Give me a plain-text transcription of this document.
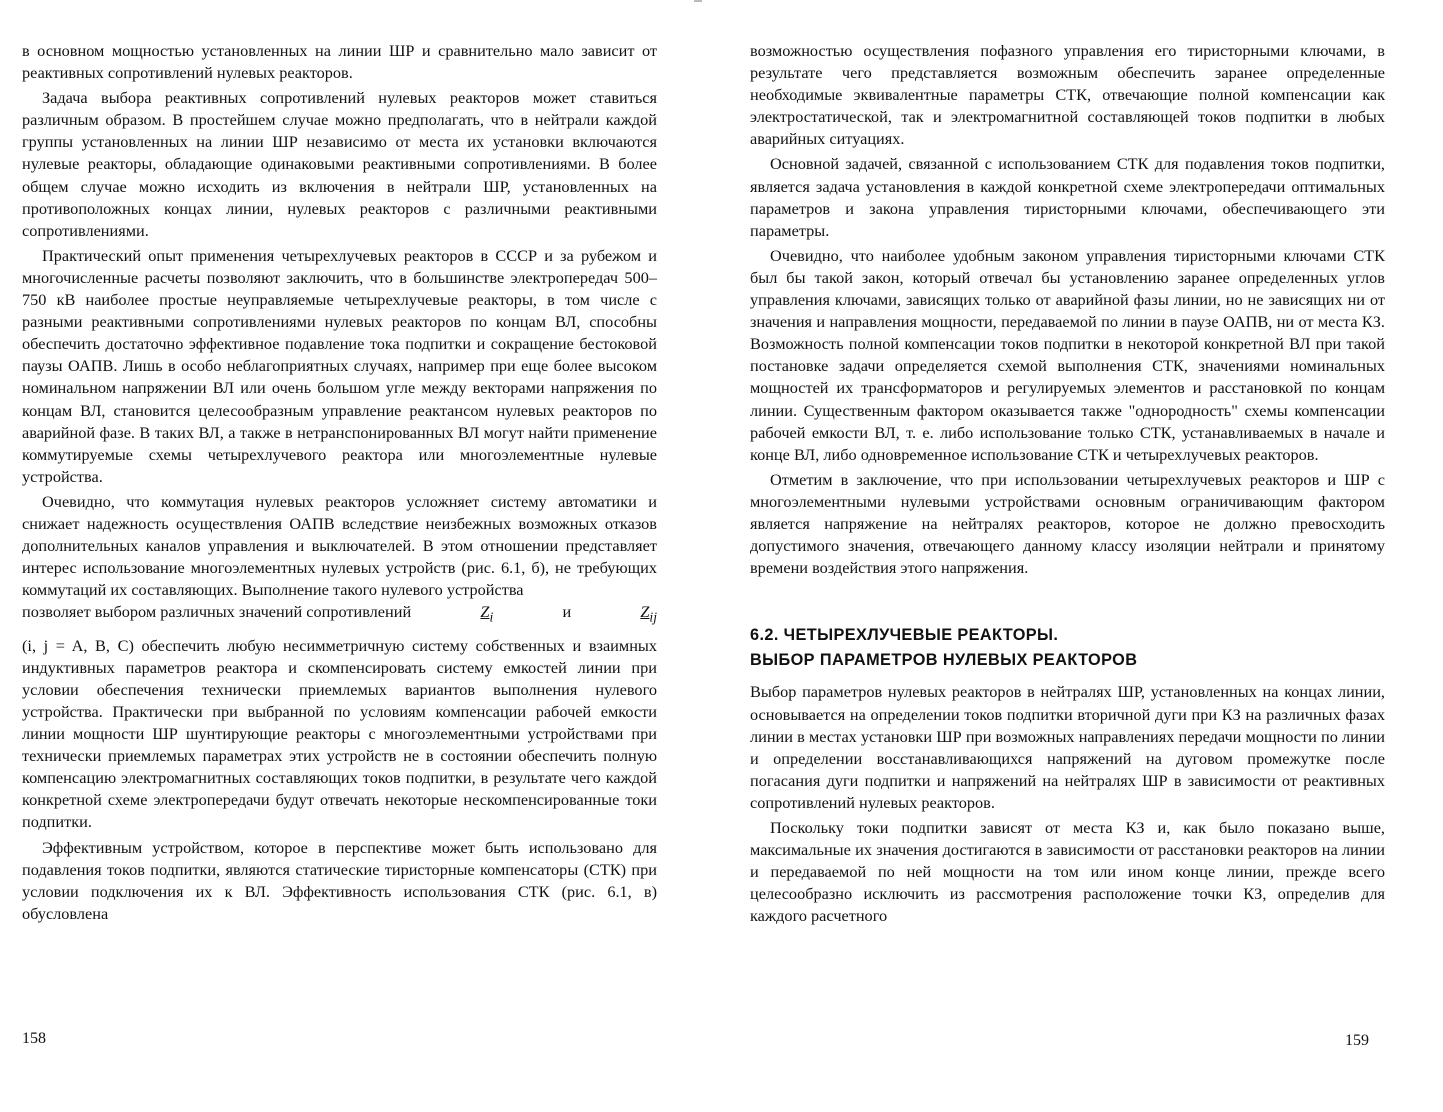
в основном мощностью установленных на линии ШР и сравнительно мало зависит от реактивных сопротивлений нулевых реакторов.

Задача выбора реактивных сопротивлений нулевых реакторов может ставиться различным образом. В простейшем случае можно предполагать, что в нейтрали каждой группы установленных на линии ШР независимо от места их установки включаются нулевые реакторы, обладающие одинаковыми реактивными сопротивлениями. В более общем случае можно исходить из включения в нейтрали ШР, установленных на противоположных концах линии, нулевых реакторов с различными реактивными сопротивлениями.

Практический опыт применения четырехлучевых реакторов в СССР и за рубежом и многочисленные расчеты позволяют заключить, что в большинстве электропередач 500–750 кВ наиболее простые неуправляемые четырехлучевые реакторы, в том числе с разными реактивными сопротивлениями нулевых реакторов по концам ВЛ, способны обеспечить достаточно эффективное подавление тока подпитки и сокращение бестоковой паузы ОАПВ. Лишь в особо неблагоприятных случаях, например при еще более высоком номинальном напряжении ВЛ или очень большом угле между векторами напряжения по концам ВЛ, становится целесообразным управление реактансом нулевых реакторов по аварийной фазе. В таких ВЛ, а также в нетранспонированных ВЛ могут найти применение коммутируемые схемы четырехлучевого реактора или многоэлементные нулевые устройства.

Очевидно, что коммутация нулевых реакторов усложняет систему автоматики и снижает надежность осуществления ОАПВ вследствие неизбежных возможных отказов дополнительных каналов управления и выключателей. В этом отношении представляет интерес использование многоэлементных нулевых устройств (рис. 6.1, б), не требующих коммутаций их составляющих. Выполнение такого нулевого устройства

позволяет выбором различных значений сопротивлений	$Z_i$	и	$Z_{ij}$

(i, j = A, B, C) обеспечить любую несимметричную систему собственных и взаимных индуктивных параметров реактора и скомпенсировать систему емкостей линии при условии обеспечения технически приемлемых вариантов выполнения нулевого устройства. Практически при выбранной по условиям компенсации рабочей емкости линии мощности ШР шунтирующие реакторы с многоэлементными устройствами при технически приемлемых параметрах этих устройств не в состоянии обеспечить полную компенсацию электромагнитных составляющих токов подпитки, в результате чего каждой конкретной схеме электропередачи будут отвечать некоторые нескомпенсированные токи подпитки.

Эффективным устройством, которое в перспективе может быть использовано для подавления токов подпитки, являются статические тиристорные компенсаторы (СТК) при условии подключения их к ВЛ. Эффективность использования СТК (рис. 6.1, в) обусловлена

158

возможностью осуществления пофазного управления его тиристорными ключами, в результате чего представляется возможным обеспечить заранее определенные необходимые эквивалентные параметры СТК, отвечающие полной компенсации как электростатической, так и электромагнитной составляющей токов подпитки в любых аварийных ситуациях.

Основной задачей, связанной с использованием СТК для подавления токов подпитки, является задача установления в каждой конкретной схеме электропередачи оптимальных параметров и закона управления тиристорными ключами, обеспечивающего эти параметры.

Очевидно, что наиболее удобным законом управления тиристорными ключами СТК был бы такой закон, который отвечал бы установлению заранее определенных углов управления ключами, зависящих только от аварийной фазы линии, но не зависящих ни от значения и направления мощности, передаваемой по линии в паузе ОАПВ, ни от места КЗ. Возможность полной компенсации токов подпитки в некоторой конкретной ВЛ при такой постановке задачи определяется схемой выполнения СТК, значениями номинальных мощностей их трансформаторов и регулируемых элементов и расстановкой по концам линии. Существенным фактором оказывается также "однородность" схемы компенсации рабочей емкости ВЛ, т. е. либо использование только СТК, устанавливаемых в начале и конце ВЛ, либо одновременное использование СТК и четырехлучевых реакторов.

Отметим в заключение, что при использовании четырехлучевых реакторов и ШР с многоэлементными нулевыми устройствами основным ограничивающим фактором является напряжение на нейтралях реакторов, которое не должно превосходить допустимого значения, отвечающего данному классу изоляции нейтрали и принятому времени воздействия этого напряжения.

6.2. ЧЕТЫРЕХЛУЧЕВЫЕ РЕАКТОРЫ.

ВЫБОР ПАРАМЕТРОВ НУЛЕВЫХ РЕАКТОРОВ

Выбор параметров нулевых реакторов в нейтралях ШР, установленных на концах линии, основывается на определении токов подпитки вторичной дуги при КЗ на различных фазах линии в местах установки ШР при возможных направлениях передачи мощности по линии и определении восстанавливающихся напряжений на дуговом промежутке после погасания дуги подпитки и напряжений на нейтралях ШР в зависимости от реактивных сопротивлений нулевых реакторов.

Поскольку токи подпитки зависят от места КЗ и, как было показано выше, максимальные их значения достигаются в зависимости от расстановки реакторов на линии и передаваемой по ней мощности на том или ином конце линии, прежде всего целесообразно исключить из рассмотрения расположение точки КЗ, определив для каждого расчетного

159
